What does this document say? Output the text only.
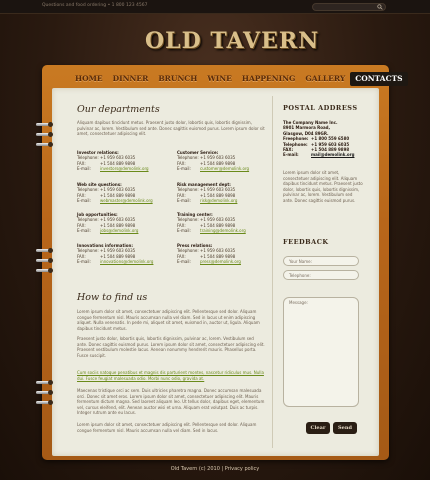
Questions and food ordering • 1 800 123 4567
OLD TAVERN
HOME	DINNER	BRUNCH	WINE	HAPPENING	GALLERY	CONTACTS
Our departments
Aliquam dapibus tincidunt metus. Praesent justo dolor, lobortis quis, lobortis dignissim, pulvinar ac, lorem. Vestibulum sed ante. Donec sagittis euismod purus. Lorem ipsum dolor sit amet, consectetuer adipiscing elit.
Investor relations:
Telephone: +1 959 603 6035
FAX:	+1 504 889 9898
E-mail:	investors@demolink.org
Customer Service:
Telephone: +1 959 603 6035
FAX:	+1 504 889 9898
E-mail:	customer@demolink.org
Web site questions:
Telephone: +1 959 603 6035
FAX:	+1 504 889 9898
E-mail:	webmaster@demolink.org
Risk management dept:
Telephone: +1 959 603 6035
FAX:	+1 504 889 9898
E-mail:	risk@demolink.org
Job opportunities:
Telephone: +1 959 603 6035
FAX:	+1 504 889 9898
E-mail:	jobs@demolink.org
Training center:
Telephone: +1 959 603 6035
FAX:	+1 504 889 9898
E-mail:	training@demolink.org
Innovations information:
Telephone: +1 959 603 6035
FAX:	+1 504 889 9898
E-mail:	innovations@demolink.org
Press relations:
Telephone: +1 959 603 6035
FAX:	+1 504 889 9898
E-mail:	press@demolink.org
How to find us
Lorem ipsum dolor sit amet, consectetuer adipiscing elit. Pellentesque sed dolor. Aliquam congue fermentum nisl. Mauris accumsan nulla vel diam. Sed in lacus ut enim adipiscing aliquet. Nulla venenatis. In pede mi, aliquet sit amet, euismod in, auctor ut, ligula. Aliquam dapibus tincidunt metus.
Praesent justo dolor, lobortis quis, lobortis dignissim, pulvinar ac, lorem. Vestibulum sed ante. Donec sagittis euismod purus. Lorem ipsum dolor sit amet, consectetuer adipiscing elit. Praesent vestibulum molestie lacus. Aenean nonummy hendrerit mauris. Phasellus porta. Fusce suscipit.
Cum sociis natoque penatibus et magnis dis parturient montes, nascetur ridiculus mus. Nulla dui. Fusce feugiat malesuada odio. Morbi nunc odio, gravida at.
Maecenas tristique orci ac sem. Duis ultricies pharetra magna. Donec accumsan malesuada orci. Donec sit amet eros. Lorem ipsum dolor sit amet, consectetuer adipiscing elit. Mauris fermentum dictum magna. Sed laoreet aliquam leo. Ut tellus dolor, dapibus eget, elementum vel, cursus eleifend, elit. Aenean auctor wisi et urna. Aliquam erat volutpat. Duis ac turpis. Integer rutrum ante eu lacus.
Lorem ipsum dolor sit amet, consectetuer adipiscing elit. Pellentesque sed dolor. Aliquam congue fermentum nisl. Mauris accumsan nulla vel diam. Sed in lacus.
POSTAL ADDRESS
The Company Name Inc.
8901 Marmora Road,
Glasgow, D04 89GR.
Freephone: +1 800 559 6580
Telephone: +1 959 603 6035
FAX:	+1 504 889 9898
E-mail:	mail@demolink.org
Lorem ipsum dolor sit amet, consectetuer adipiscing elit. Aliquam dapibus tincidunt metus. Praesent justo dolor, lobortis quis, lobortis dignissim, pulvinar ac, lorem. Vestibulum sed ante. Donec sagittis euismod purus.
FEEDBACK
Your Name:
Telephone:
Message:
Clear	Send
Old Tavern (c) 2010 | Privacy policy
